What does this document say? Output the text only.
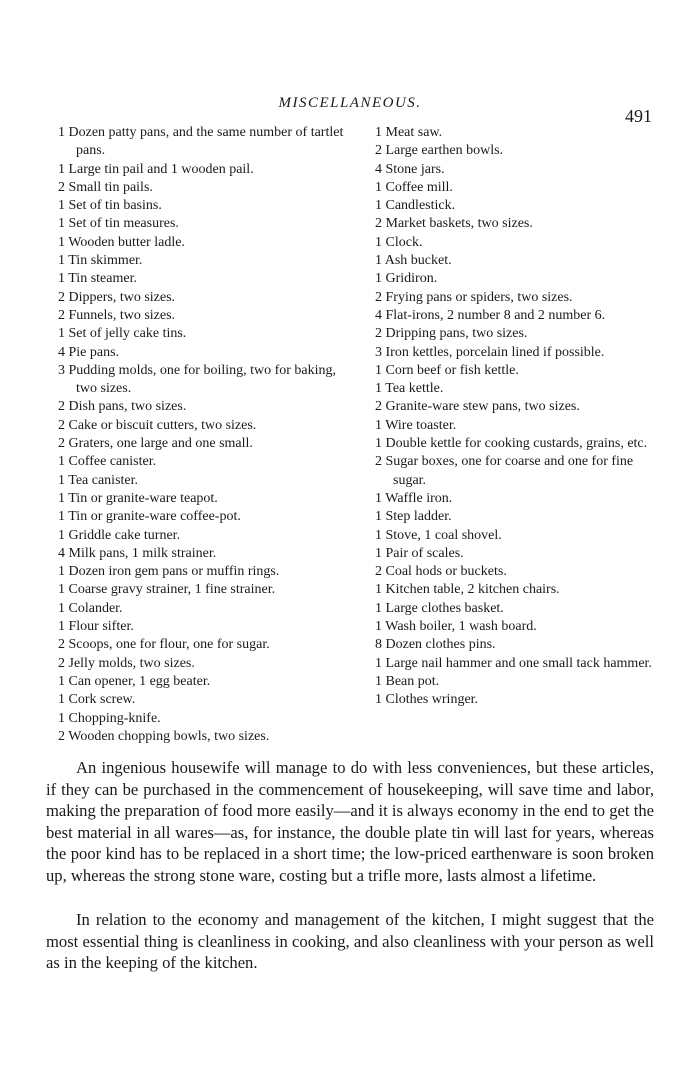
MISCELLANEOUS.
491
1 Dozen patty pans, and the same number of tartlet pans.
1 Large tin pail and 1 wooden pail.
2 Small tin pails.
1 Set of tin basins.
1 Set of tin measures.
1 Wooden butter ladle.
1 Tin skimmer.
1 Tin steamer.
2 Dippers, two sizes.
2 Funnels, two sizes.
1 Set of jelly cake tins.
4 Pie pans.
3 Pudding molds, one for boiling, two for baking, two sizes.
2 Dish pans, two sizes.
2 Cake or biscuit cutters, two sizes.
2 Graters, one large and one small.
1 Coffee canister.
1 Tea canister.
1 Tin or granite-ware teapot.
1 Tin or granite-ware coffee-pot.
1 Griddle cake turner.
4 Milk pans, 1 milk strainer.
1 Dozen iron gem pans or muffin rings.
1 Coarse gravy strainer, 1 fine strainer.
1 Colander.
1 Flour sifter.
2 Scoops, one for flour, one for sugar.
2 Jelly molds, two sizes.
1 Can opener, 1 egg beater.
1 Cork screw.
1 Chopping-knife.
2 Wooden chopping bowls, two sizes.
1 Meat saw.
2 Large earthen bowls.
4 Stone jars.
1 Coffee mill.
1 Candlestick.
2 Market baskets, two sizes.
1 Clock.
1 Ash bucket.
1 Gridiron.
2 Frying pans or spiders, two sizes.
4 Flat-irons, 2 number 8 and 2 number 6.
2 Dripping pans, two sizes.
3 Iron kettles, porcelain lined if possible.
1 Corn beef or fish kettle.
1 Tea kettle.
2 Granite-ware stew pans, two sizes.
1 Wire toaster.
1 Double kettle for cooking custards, grains, etc.
2 Sugar boxes, one for coarse and one for fine sugar.
1 Waffle iron.
1 Step ladder.
1 Stove, 1 coal shovel.
1 Pair of scales.
2 Coal hods or buckets.
1 Kitchen table, 2 kitchen chairs.
1 Large clothes basket.
1 Wash boiler, 1 wash board.
8 Dozen clothes pins.
1 Large nail hammer and one small tack hammer.
1 Bean pot.
1 Clothes wringer.

An ingenious housewife will manage to do with less conveniences, but these articles, if they can be purchased in the commencement of housekeeping, will save time and labor, making the preparation of food more easily—and it is always economy in the end to get the best material in all wares—as, for instance, the double plate tin will last for years, whereas the poor kind has to be replaced in a short time; the low-priced earthenware is soon broken up, whereas the strong stone ware, costing but a trifle more, lasts almost a lifetime.

In relation to the economy and management of the kitchen, I might suggest that the most essential thing is cleanliness in cooking, and also cleanliness with your person as well as in the keeping of the kitchen.
